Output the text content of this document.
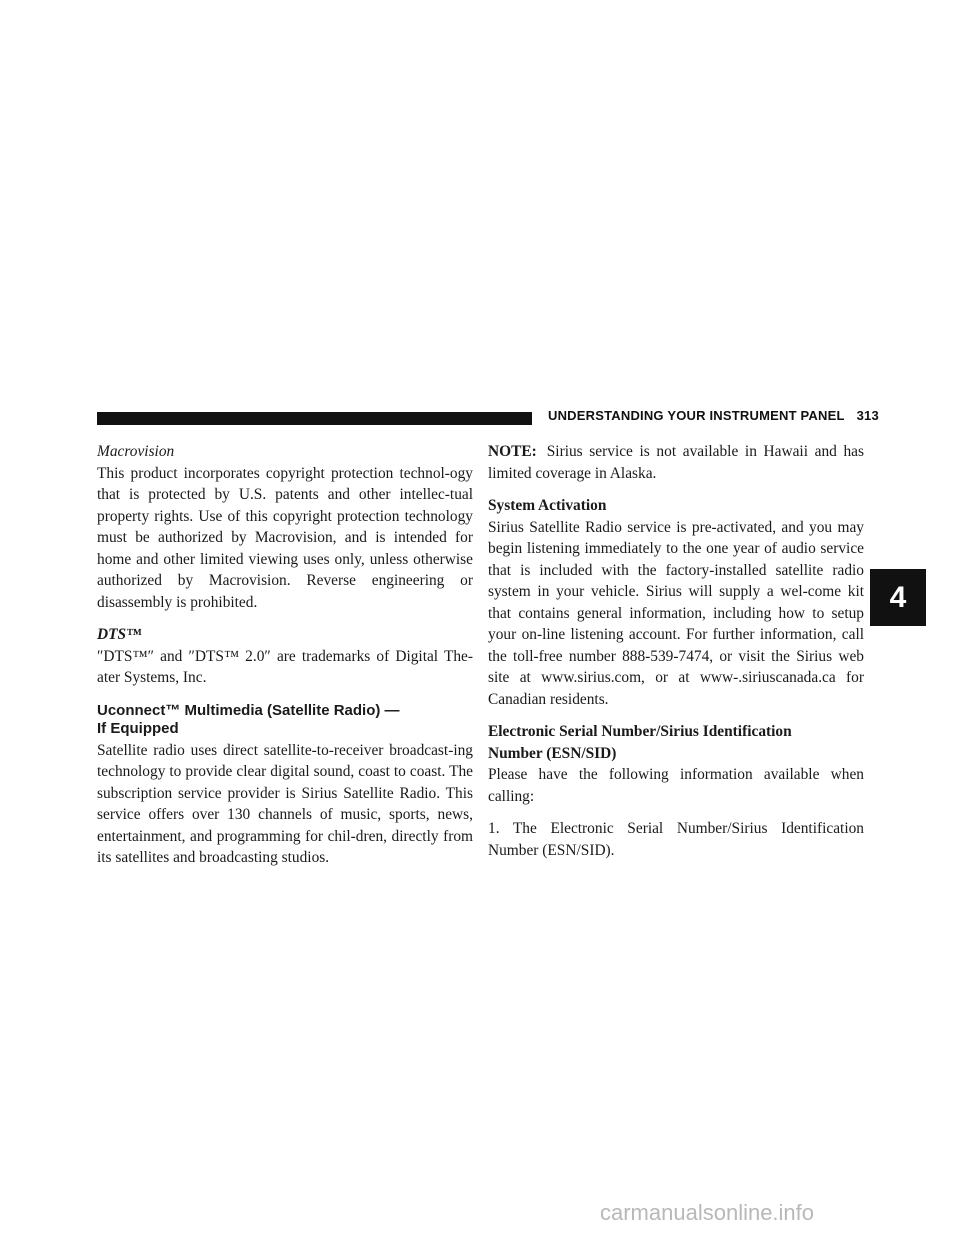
UNDERSTANDING YOUR INSTRUMENT PANEL 313

Macrovision

This product incorporates copyright protection technol-ogy that is protected by U.S. patents and other intellec-tual property rights. Use of this copyright protection technology must be authorized by Macrovision, and is intended for home and other limited viewing uses only, unless otherwise authorized by Macrovision. Reverse engineering or disassembly is prohibited.

DTS™

″DTS™″ and ″DTS™ 2.0″ are trademarks of Digital The-ater Systems, Inc.

Uconnect™ Multimedia (Satellite Radio) —
If Equipped

Satellite radio uses direct satellite-to-receiver broadcast-ing technology to provide clear digital sound, coast to coast. The subscription service provider is Sirius Satellite Radio. This service offers over 130 channels of music, sports, news, entertainment, and programming for chil-dren, directly from its satellites and broadcasting studios.

NOTE: Sirius service is not available in Hawaii and has limited coverage in Alaska.

System Activation

Sirius Satellite Radio service is pre-activated, and you may begin listening immediately to the one year of audio service that is included with the factory-installed satellite radio system in your vehicle. Sirius will supply a wel-come kit that contains general information, including how to setup your on-line listening account. For further information, call the toll-free number 888-539-7474, or visit the Sirius web site at www.sirius.com, or at www-.siriuscanada.ca for Canadian residents.

Electronic Serial Number/Sirius Identification
Number (ESN/SID)

Please have the following information available when calling:

1. The Electronic Serial Number/Sirius Identification Number (ESN/SID).

4
carmanualsonline.info
